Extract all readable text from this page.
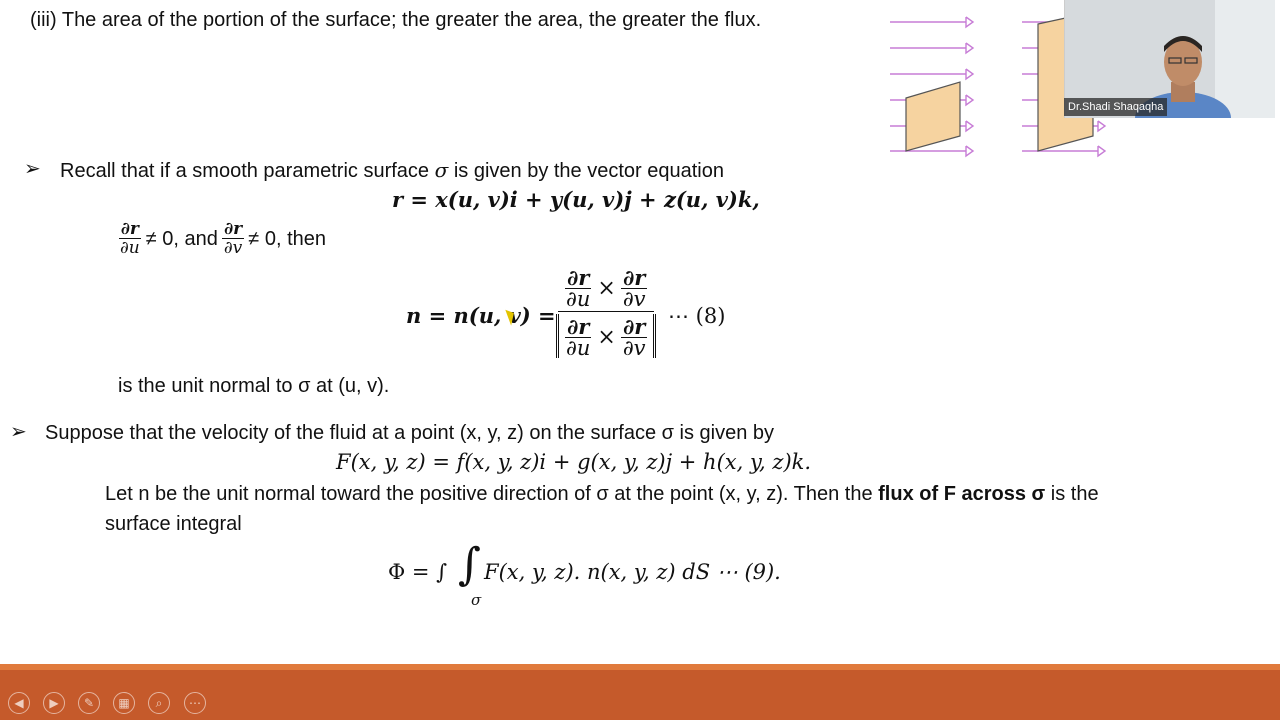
(iii) The area of the portion of the surface; the greater the area, the greater the flux.
➢ Recall that if a smooth parametric surface σ is given by the vector equation
r = x(u, v)i + y(u, v)j + z(u, v)k,
$\frac{\partial r}{\partial u} \ne 0$, and $\frac{\partial r}{\partial v} \ne 0$, then
n = n(u, $v) = \frac{\frac{\partial r}{\partial u} \times \frac{\partial r}{\partial v}}{\frac{\partial r}{\partial u} \times \frac{\partial r}{\partial v}}$ ⋯ (8)
is the unit normal to σ at (u, v).
➢ Suppose that the velocity of the fluid at a point (x, y, z) on the surface σ is given by
F(x, y, z) = f(x, y, z)i + g(x, y, z)j + h(x, y, z)k.
Let n be the unit normal toward the positive direction of σ at the point (x, y, z). Then the flux of F across σ is the
surface integral
Φ = ∫ ∫
σ
F(x, y, z). n(x, y, z) dS ⋯ (9).
Dr.Shadi Shaqaqha
◀	▶	✎	▦	⌕	⋯
